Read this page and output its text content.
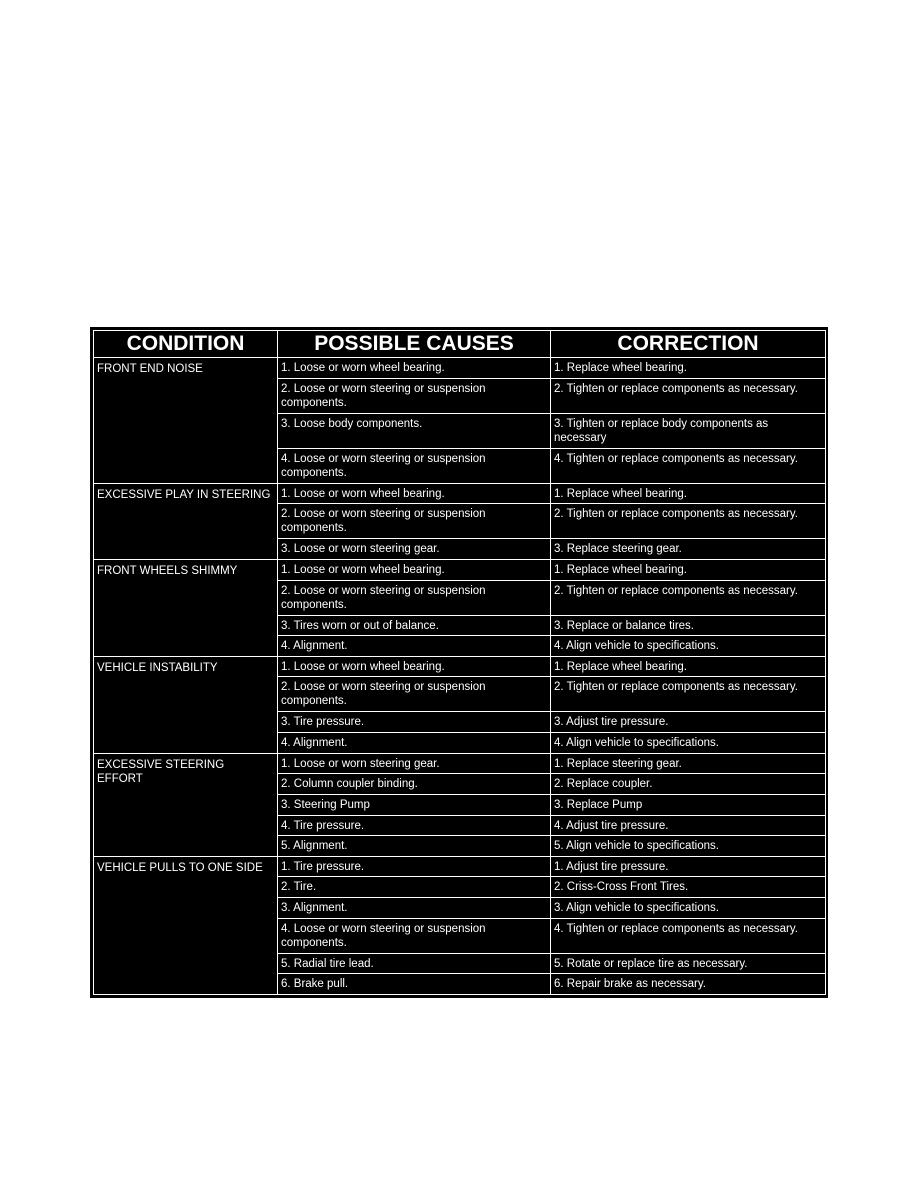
CONDITION	POSSIBLE CAUSES	CORRECTION
FRONT END NOISE	1. Loose or worn wheel bearing.	1. Replace wheel bearing.
	2. Loose or worn steering or suspension components.	2. Tighten or replace components as necessary.
	3. Loose body components.	3. Tighten or replace body components as necessary
	4. Loose or worn steering or suspension components.	4. Tighten or replace components as necessary.
EXCESSIVE PLAY IN STEERING	1. Loose or worn wheel bearing.	1. Replace wheel bearing.
	2. Loose or worn steering or suspension components.	2. Tighten or replace components as necessary.
	3. Loose or worn steering gear.	3. Replace steering gear.
FRONT WHEELS SHIMMY	1. Loose or worn wheel bearing.	1. Replace wheel bearing.
	2. Loose or worn steering or suspension components.	2. Tighten or replace components as necessary.
	3. Tires worn or out of balance.	3. Replace or balance tires.
	4. Alignment.	4. Align vehicle to specifications.
VEHICLE INSTABILITY	1. Loose or worn wheel bearing.	1. Replace wheel bearing.
	2. Loose or worn steering or suspension components.	2. Tighten or replace components as necessary.
	3. Tire pressure.	3. Adjust tire pressure.
	4. Alignment.	4. Align vehicle to specifications.
EXCESSIVE STEERING EFFORT	1. Loose or worn steering gear.	1. Replace steering gear.
	2. Column coupler binding.	2. Replace coupler.
	3. Steering Pump	3. Replace Pump
	4. Tire pressure.	4. Adjust tire pressure.
	5. Alignment.	5. Align vehicle to specifications.
VEHICLE PULLS TO ONE SIDE	1. Tire pressure.	1. Adjust tire pressure.
	2. Tire.	2. Criss-Cross Front Tires.
	3. Alignment.	3. Align vehicle to specifications.
	4. Loose or worn steering or suspension components.	4. Tighten or replace components as necessary.
	5. Radial tire lead.	5. Rotate or replace tire as necessary.
	6. Brake pull.	6. Repair brake as necessary.
